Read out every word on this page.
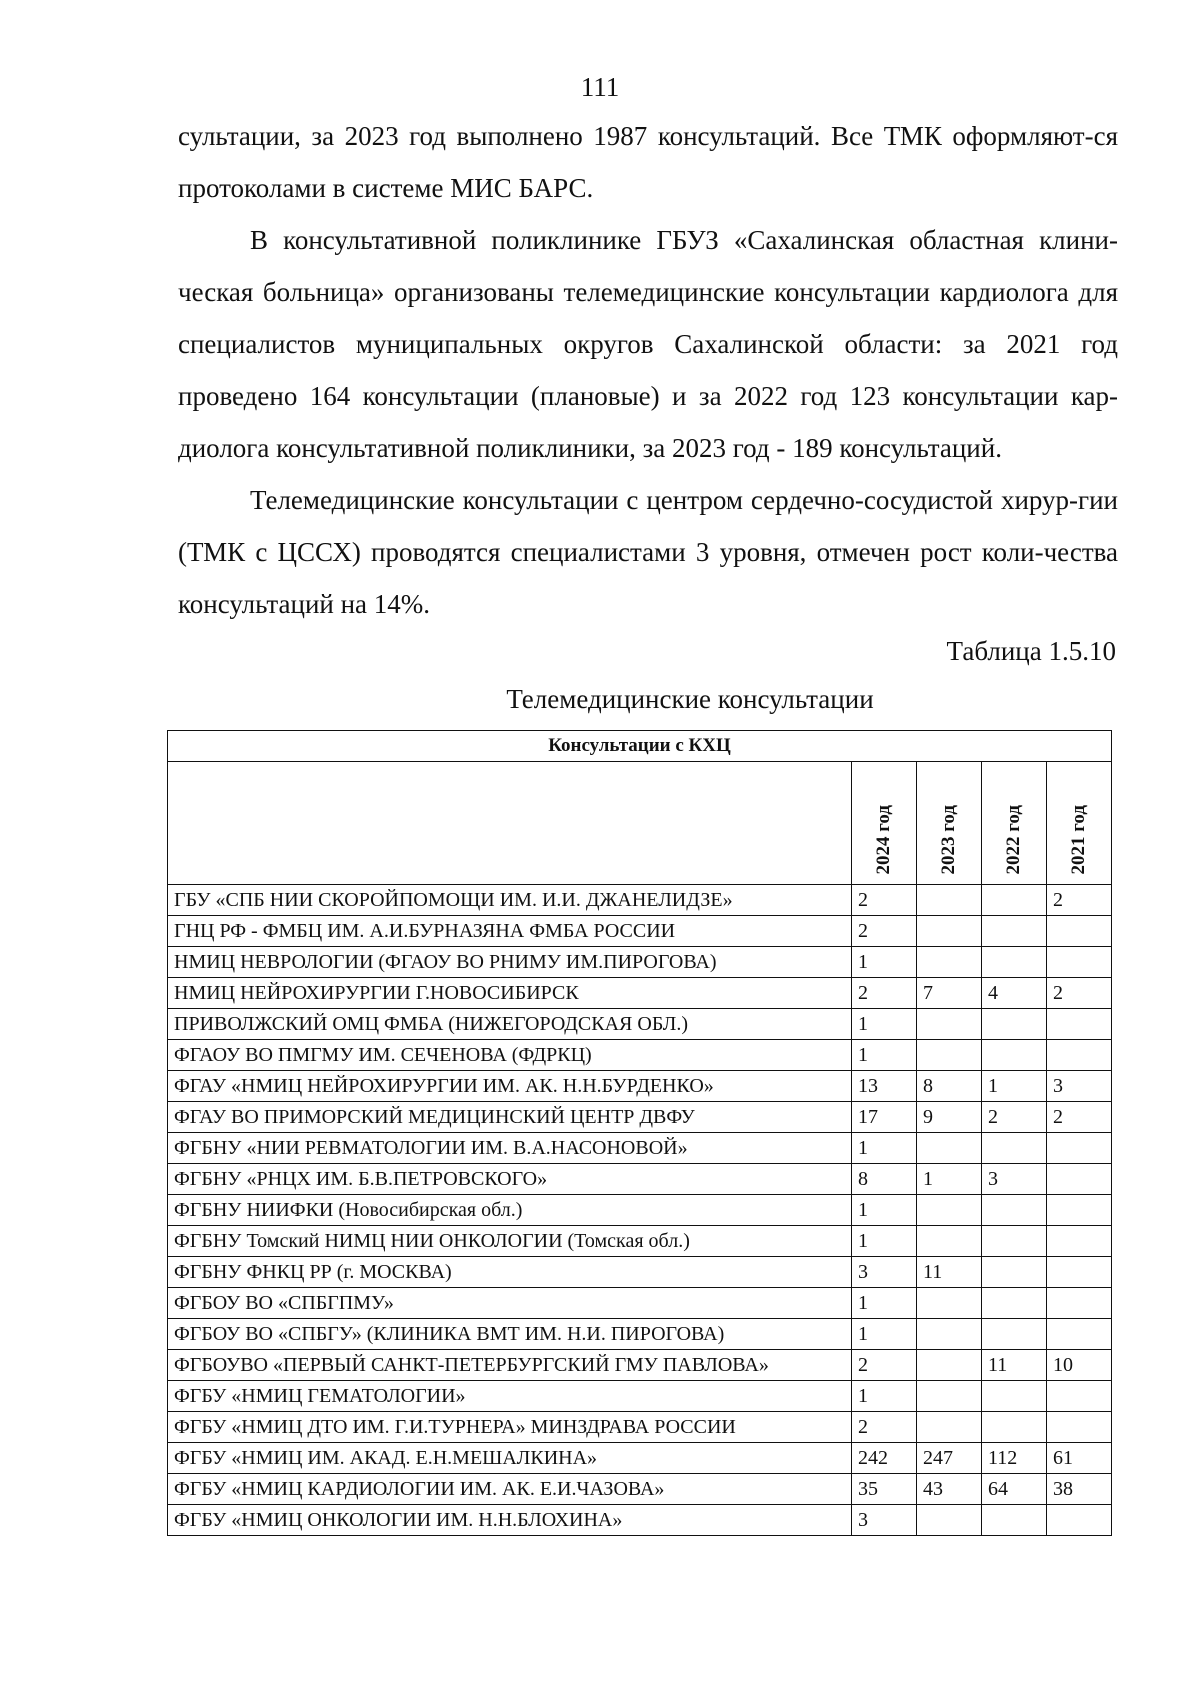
111

сультации, за 2023 год выполнено 1987 консультаций. Все ТМК оформляют-ся протоколами в системе МИС БАРС.

В консультативной поликлинике ГБУЗ «Сахалинская областная клини-ческая больница» организованы телемедицинские консультации кардиолога для специалистов муниципальных округов Сахалинской области: за 2021 год проведено 164 консультации (плановые) и за 2022 год 123 консультации кар-диолога консультативной поликлиники, за 2023 год - 189 консультаций.

Телемедицинские консультации с центром сердечно-сосудистой хирур-гии (ТМК с ЦССХ) проводятся специалистами 3 уровня, отмечен рост коли-чества консультаций на 14%.

Таблица 1.5.10
Телемедицинские консультации
Консультации с КХЦ				
	2024 год	2023 год	2022 год	2021 год
ГБУ «СПБ НИИ СКОРОЙПОМОЩИ ИМ. И.И. ДЖАНЕЛИДЗЕ»	2			2
ГНЦ РФ - ФМБЦ ИМ. А.И.БУРНАЗЯНА ФМБА РОССИИ	2			
НМИЦ НЕВРОЛОГИИ (ФГАОУ ВО РНИМУ ИМ.ПИРОГОВА)	1			
НМИЦ НЕЙРОХИРУРГИИ Г.НОВОСИБИРСК	2	7	4	2
ПРИВОЛЖСКИЙ ОМЦ ФМБА (НИЖЕГОРОДСКАЯ ОБЛ.)	1			
ФГАОУ ВО ПМГМУ ИМ. СЕЧЕНОВА (ФДРКЦ)	1			
ФГАУ «НМИЦ НЕЙРОХИРУРГИИ ИМ. АК. Н.Н.БУРДЕНКО»	13	8	1	3
ФГАУ ВО ПРИМОРСКИЙ МЕДИЦИНСКИЙ ЦЕНТР ДВФУ	17	9	2	2
ФГБНУ «НИИ РЕВМАТОЛОГИИ ИМ. В.А.НАСОНОВОЙ»	1			
ФГБНУ «РНЦХ ИМ. Б.В.ПЕТРОВСКОГО»	8	1	3	
ФГБНУ НИИФКИ (Новосибирская обл.)	1			
ФГБНУ Томский НИМЦ НИИ ОНКОЛОГИИ (Томская обл.)	1			
ФГБНУ ФНКЦ РР (г. МОСКВА)	3	11		
ФГБОУ ВО «СПБГПМУ»	1			
ФГБОУ ВО «СПБГУ» (КЛИНИКА ВМТ ИМ. Н.И. ПИРОГОВА)	1			
ФГБОУВО «ПЕРВЫЙ САНКТ-ПЕТЕРБУРГСКИЙ ГМУ ПАВЛОВА»	2		11	10
ФГБУ «НМИЦ ГЕМАТОЛОГИИ»	1			
ФГБУ «НМИЦ ДТО ИМ. Г.И.ТУРНЕРА» МИНЗДРАВА РОССИИ	2			
ФГБУ «НМИЦ ИМ. АКАД. Е.Н.МЕШАЛКИНА»	242	247	112	61
ФГБУ «НМИЦ КАРДИОЛОГИИ ИМ. АК. Е.И.ЧАЗОВА»	35	43	64	38
ФГБУ «НМИЦ ОНКОЛОГИИ ИМ. Н.Н.БЛОХИНА»	3			
